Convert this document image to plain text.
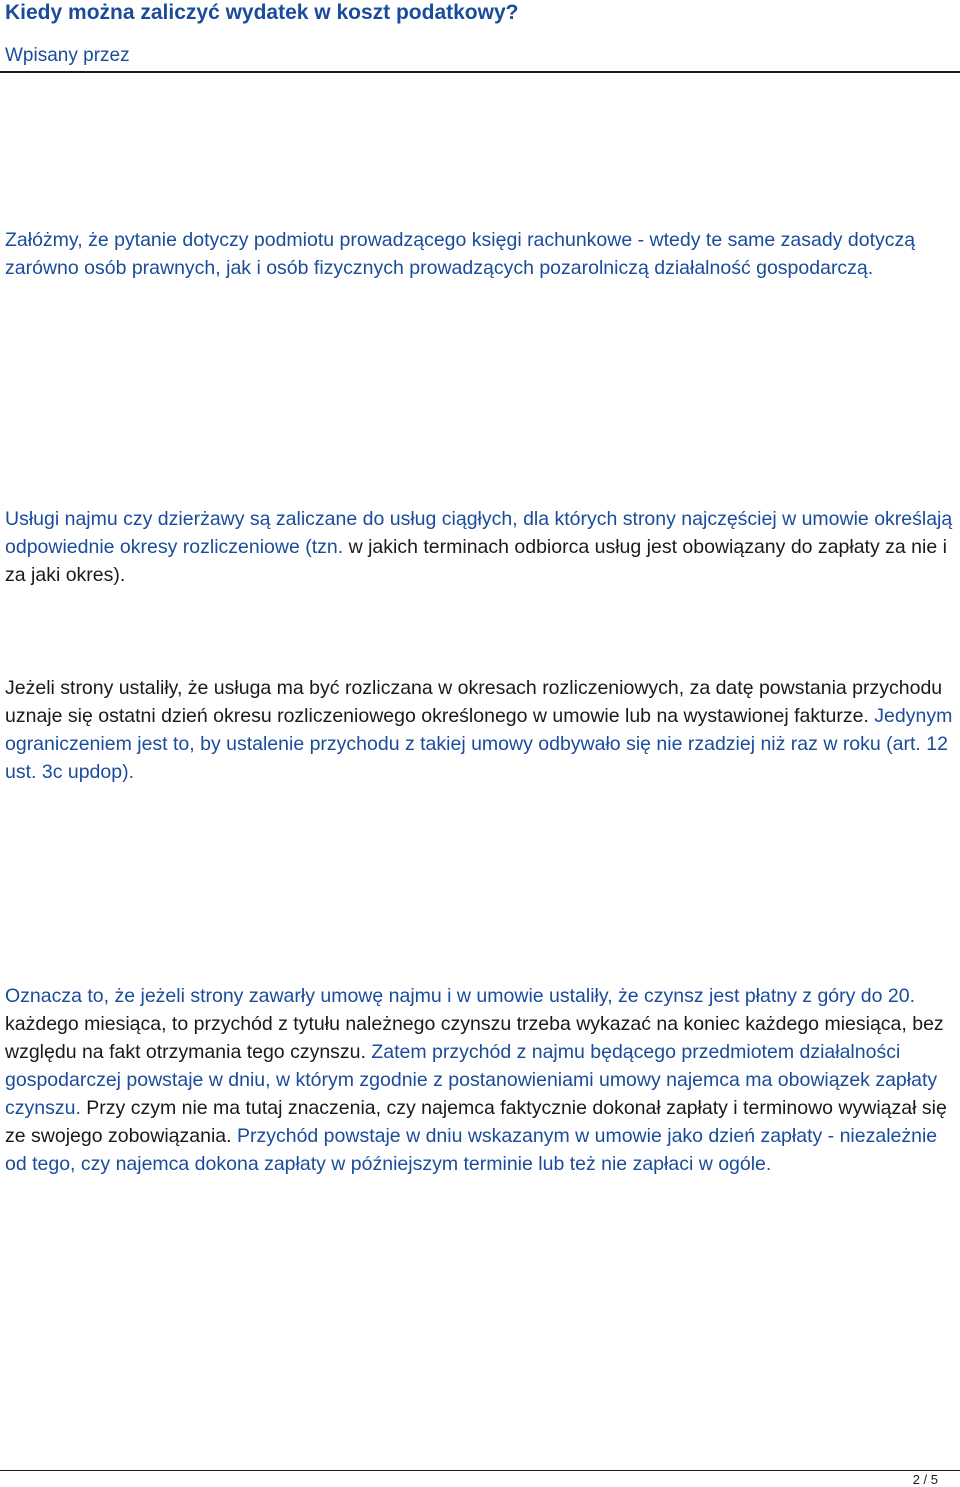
Kiedy można zaliczyć wydatek w koszt podatkowy?
Wpisany przez

Załóżmy, że pytanie dotyczy podmiotu prowadzącego księgi rachunkowe - wtedy te same zasady dotyczą zarówno osób prawnych, jak i osób fizycznych prowadzących pozarolniczą działalność gospodarczą.

Usługi najmu czy dzierżawy są zaliczane do usług ciągłych, dla których strony najczęściej w umowie określają odpowiednie okresy rozliczeniowe (tzn. w jakich terminach odbiorca usług jest obowiązany do zapłaty za nie i za jaki okres).

Jeżeli strony ustaliły, że usługa ma być rozliczana w okresach rozliczeniowych, za datę powstania przychodu uznaje się ostatni dzień okresu rozliczeniowego określonego w umowie lub na wystawionej fakturze. Jedynym ograniczeniem jest to, by ustalenie przychodu z takiej umowy odbywało się nie rzadziej niż raz w roku (art. 12 ust. 3c updop).

Oznacza to, że jeżeli strony zawarły umowę najmu i w umowie ustaliły, że czynsz jest płatny z góry do 20. każdego miesiąca, to przychód z tytułu należnego czynszu trzeba wykazać na koniec każdego miesiąca, bez względu na fakt otrzymania tego czynszu. Zatem przychód z najmu będącego przedmiotem działalności gospodarczej powstaje w dniu, w którym zgodnie z postanowieniami umowy najemca ma obowiązek zapłaty czynszu. Przy czym nie ma tutaj znaczenia, czy najemca faktycznie dokonał zapłaty i terminowo wywiązał się ze swojego zobowiązania. Przychód powstaje w dniu wskazanym w umowie jako dzień zapłaty - niezależnie od tego, czy najemca dokona zapłaty w późniejszym terminie lub też nie zapłaci w ogóle.

2 / 5
